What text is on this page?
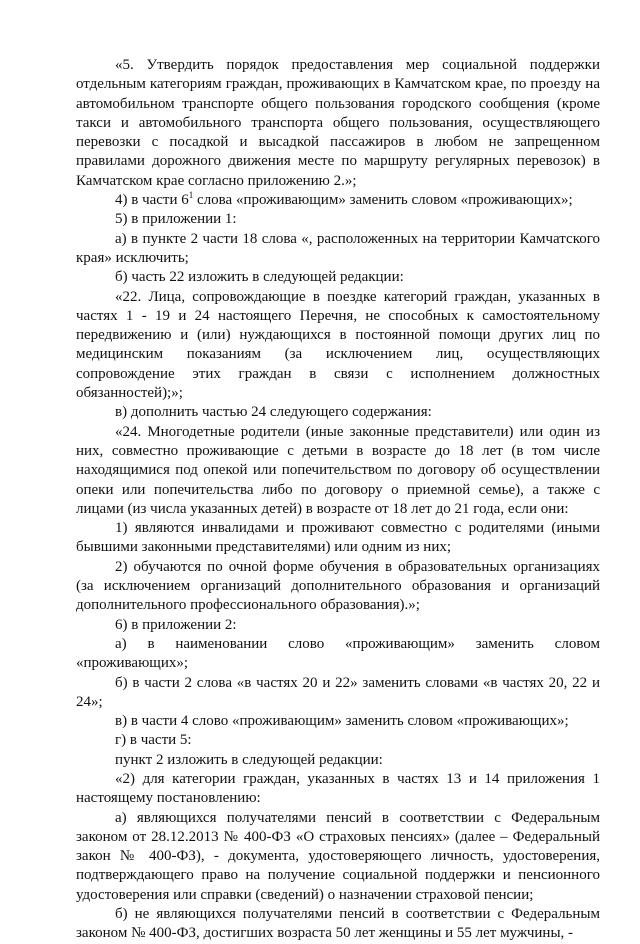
«5. Утвердить порядок предоставления мер социальной поддержки отдельным категориям граждан, проживающих в Камчатском крае, по проезду на автомобильном транспорте общего пользования городского сообщения (кроме такси и автомобильного транспорта общего пользования, осуществляющего перевозки с посадкой и высадкой пассажиров в любом не запрещенном правилами дорожного движения месте по маршруту регулярных перевозок) в Камчатском крае согласно приложению 2.»;

4) в части $6^1$ слова «проживающим» заменить словом «проживающих»;

5) в приложении 1:

а) в пункте 2 части 18 слова «, расположенных на территории Камчатского края» исключить;

б) часть 22 изложить в следующей редакции:

«22. Лица, сопровождающие в поездке категорий граждан, указанных в частях 1 - 19 и 24 настоящего Перечня, не способных к самостоятельному передвижению и (или) нуждающихся в постоянной помощи других лиц по медицинским показаниям (за исключением лиц, осуществляющих сопровождение этих граждан в связи с исполнением должностных обязанностей);»;

в) дополнить частью 24 следующего содержания:

«24. Многодетные родители (иные законные представители) или один из них, совместно проживающие с детьми в возрасте до 18 лет (в том числе находящимися под опекой или попечительством по договору об осуществлении опеки или попечительства либо по договору о приемной семье), а также с лицами (из числа указанных детей) в возрасте от 18 лет до 21 года, если они:

1) являются инвалидами и проживают совместно с родителями (иными бывшими законными представителями) или одним из них;

2) обучаются по очной форме обучения в образовательных организациях (за исключением организаций дополнительного образования и организаций дополнительного профессионального образования).»;

6) в приложении 2:

а) в наименовании слово «проживающим» заменить словом «проживающих»;

б) в части 2 слова «в частях 20 и 22» заменить словами «в частях 20, 22 и 24»;

в) в части 4 слово «проживающим» заменить словом «проживающих»;

г) в части 5:

пункт 2 изложить в следующей редакции:

«2) для категории граждан, указанных в частях 13 и 14 приложения 1 настоящему постановлению:

а) являющихся получателями пенсий в соответствии с Федеральным законом от 28.12.2013 № 400-ФЗ «О страховых пенсиях» (далее – Федеральный закон № 400-ФЗ), - документа, удостоверяющего личность, удостоверения, подтверждающего право на получение социальной поддержки и пенсионного удостоверения или справки (сведений) о назначении страховой пенсии;

б) не являющихся получателями пенсий в соответствии с Федеральным законом № 400-ФЗ, достигших возраста 50 лет женщины и 55 лет мужчины, -
